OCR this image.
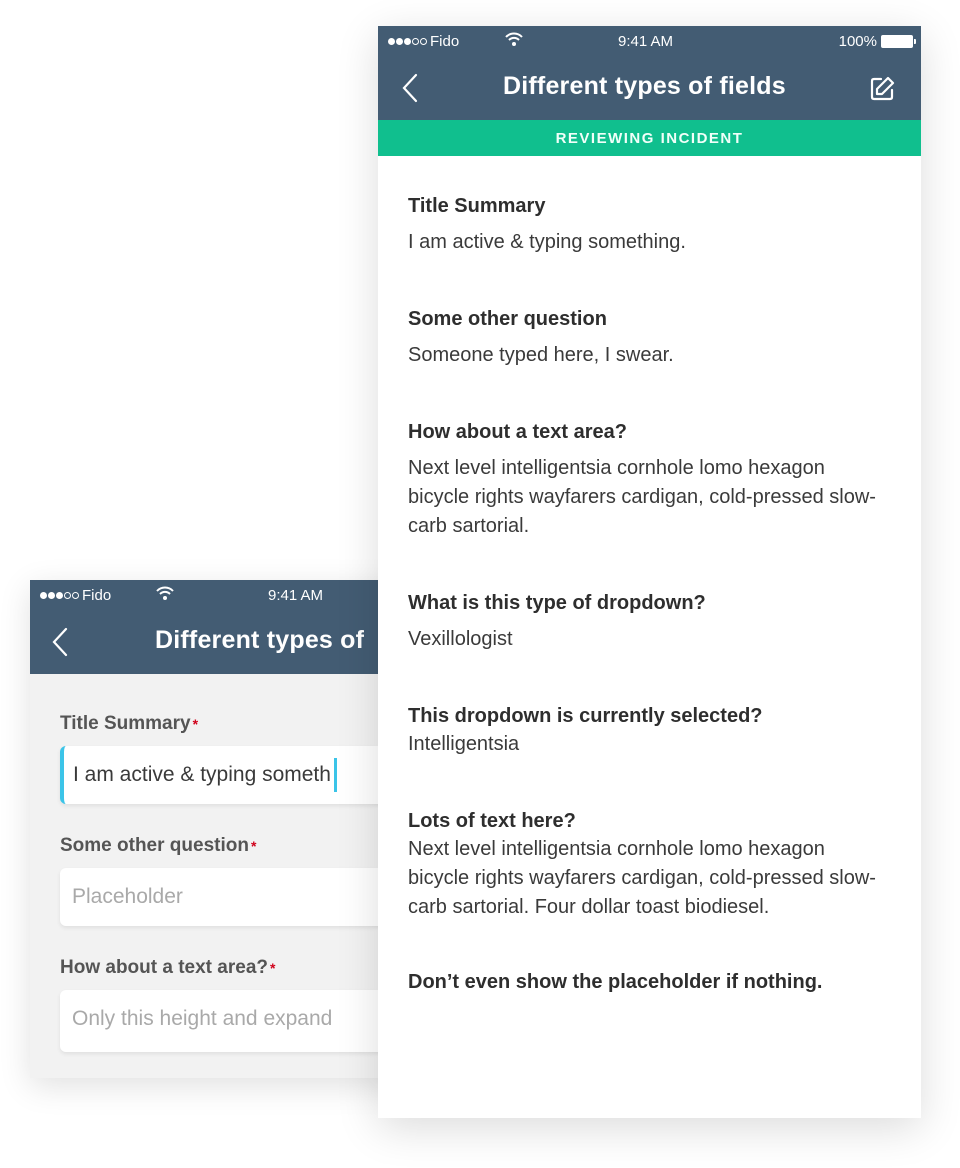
Fido	9:41 AM
Different types of
Title Summary *
I am active & typing someth
Some other question *
Placeholder
How about a text area? *
Only this height and expand
Fido	9:41 AM	100%
Different types of fields
REVIEWING INCIDENT
Title Summary
I am active & typing something.
Some other question
Someone typed here, I swear.
How about a text area?
Next level intelligentsia cornhole lomo hexagon bicycle rights wayfarers cardigan, cold-pressed slow-carb sartorial.
What is this type of dropdown?
Vexillologist
This dropdown is currently selected?
Intelligentsia
Lots of text here?
Next level intelligentsia cornhole lomo hexagon bicycle rights wayfarers cardigan, cold-pressed slow-carb sartorial. Four dollar toast biodiesel.
Don’t even show the placeholder if nothing.
